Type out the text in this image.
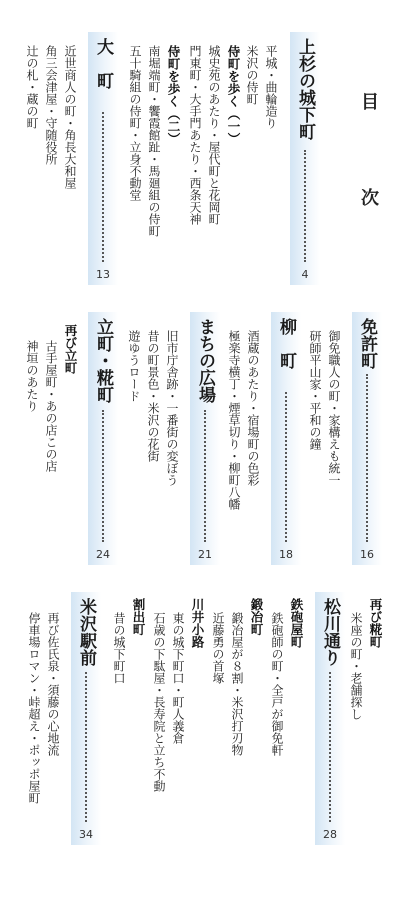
目　次
上杉の城下町
4
平城・曲輪造り
米沢の侍町
侍町を歩く（一）
城史苑のあたり・屋代町と花岡町
門東町・大手門あたり・西条天神
侍町を歩く（二）
南堀端町・饗霞館趾・馬廻組の侍町
五十騎組の侍町・立身不動堂
大　町
13
近世商人の町・角長大和屋
角三会津屋・守随役所
辻の札・蔵の町
免許町
16
御免職人の町・家構えも統一
研師平山家・平和の鐘
柳　町
18
酒蔵のあたり・宿場町の色彩
極楽寺横丁・煙草切り・柳町八幡
まちの広場
21
旧市庁舎跡・一番街の変ぼう
昔の町景色・米沢の花街
遊ゆうロード
立町・糀町
24
再び立町
古手屋町・あの店この店
神垣のあたり
再び糀町
米座の町・老舗探し
松川通り
28
鉄砲屋町
鉄砲師の町・全戸が御免軒
鍛冶町
鍛冶屋が８割・米沢打刃物
近藤勇の首塚
川井小路
東の城下町口・町人義倉
石歳の下駄屋・長寿院と立ち不動
割出町
昔の城下町口
米沢駅前
34
再び佐氏泉・須藤の心地流
停車場ロマン・峠超え・ポッポ屋町
